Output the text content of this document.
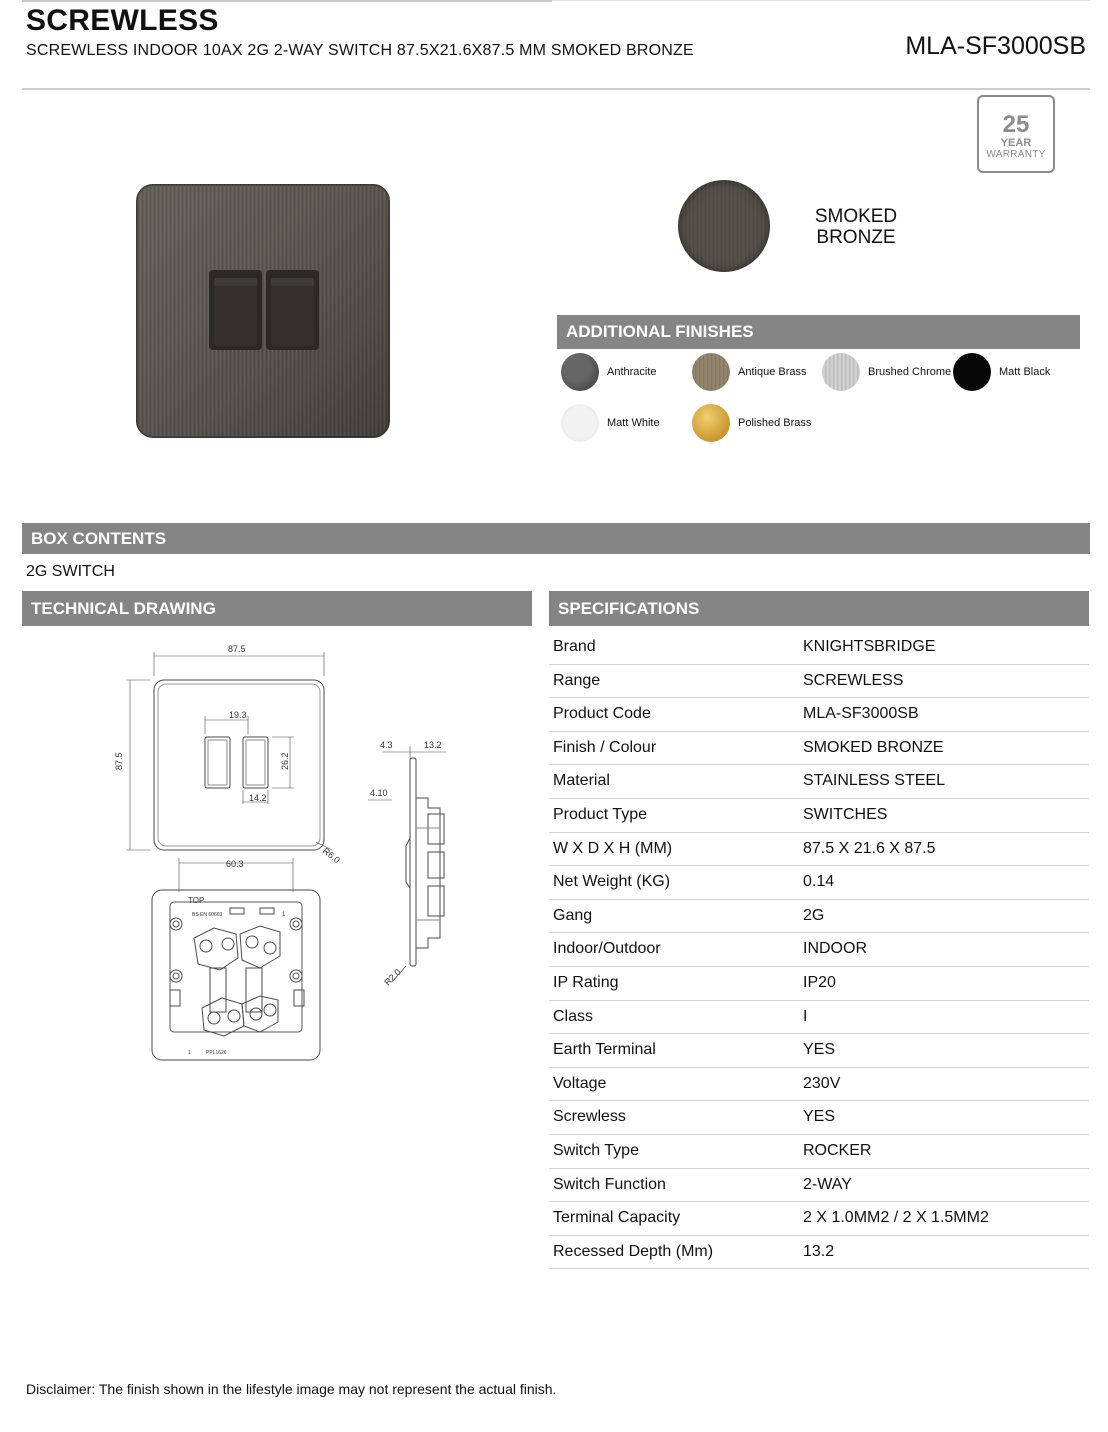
SCREWLESS
SCREWLESS INDOOR 10AX 2G 2-WAY SWITCH 87.5X21.6X87.5 MM SMOKED BRONZE	MLA-SF3000SB
25
YEAR
WARRANTY
SMOKED
BRONZE
ADDITIONAL FINISHES
Anthracite	Antique Brass	Brushed Chrome	Matt Black
Matt White	Polished Brass
BOX CONTENTS
2G SWITCH
TECHNICAL DRAWING	SPECIFICATIONS
87.5
87.5
19.3
26.2
14.2
R6.0
60.3
TOP
BS EN 60669	1
1	PPL1626
4.3	13.2
4.10
R2.0
Brand	KNIGHTSBRIDGE
Range	SCREWLESS
Product Code	MLA-SF3000SB
Finish / Colour	SMOKED BRONZE
Material	STAINLESS STEEL
Product Type	SWITCHES
W X D X H (MM)	87.5 X 21.6 X 87.5
Net Weight (KG)	0.14
Gang	2G
Indoor/Outdoor	INDOOR
IP Rating	IP20
Class	I
Earth Terminal	YES
Voltage	230V
Screwless	YES
Switch Type	ROCKER
Switch Function	2-WAY
Terminal Capacity	2 X 1.0MM2 / 2 X 1.5MM2
Recessed Depth (Mm)	13.2
Disclaimer: The finish shown in the lifestyle image may not represent the actual finish.
